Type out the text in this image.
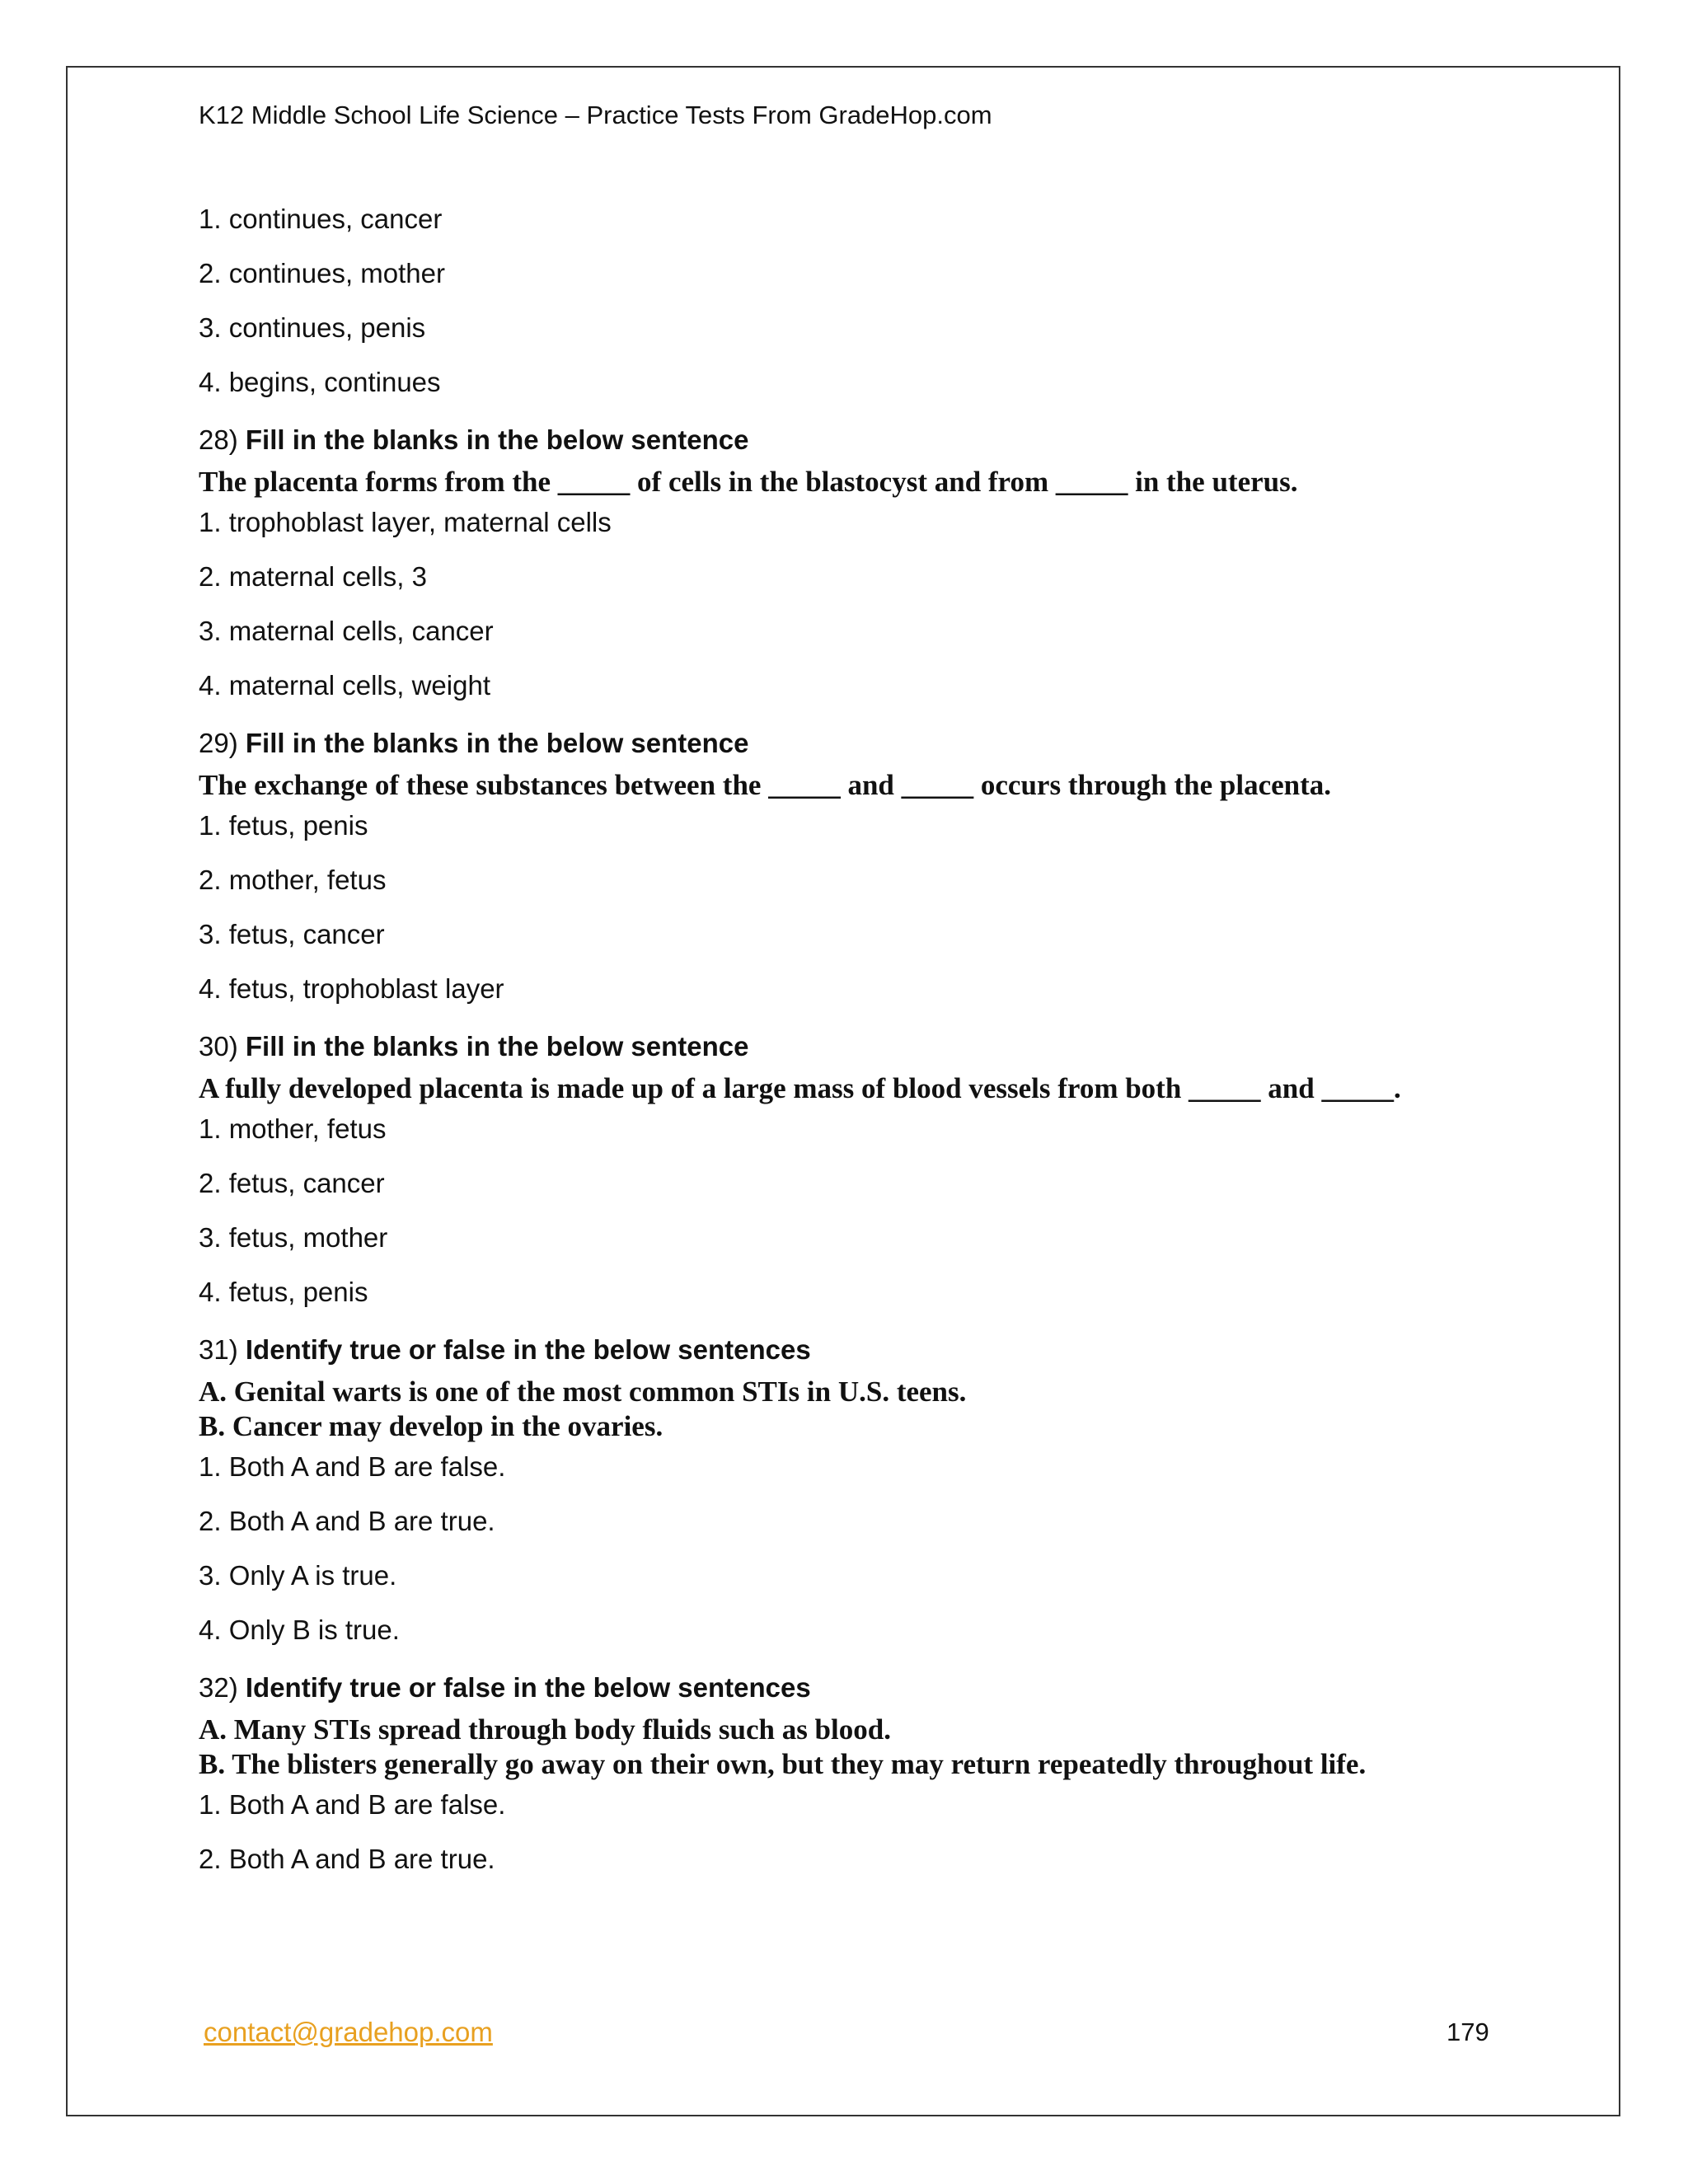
K12 Middle School Life Science – Practice Tests From GradeHop.com
1. continues, cancer
2. continues, mother
3. continues, penis
4. begins, continues
28) Fill in the blanks in the below sentence
The placenta forms from the _____ of cells in the blastocyst and from _____ in the uterus.
1. trophoblast layer, maternal cells
2. maternal cells, 3
3. maternal cells, cancer
4. maternal cells, weight
29) Fill in the blanks in the below sentence
The exchange of these substances between the _____ and _____ occurs through the placenta.
1. fetus, penis
2. mother, fetus
3. fetus, cancer
4. fetus, trophoblast layer
30) Fill in the blanks in the below sentence
A fully developed placenta is made up of a large mass of blood vessels from both _____ and _____.
1. mother, fetus
2. fetus, cancer
3. fetus, mother
4. fetus, penis
31) Identify true or false in the below sentences
A. Genital warts is one of the most common STIs in U.S. teens.
B. Cancer may develop in the ovaries.
1. Both A and B are false.
2. Both A and B are true.
3. Only A is true.
4. Only B is true.
32) Identify true or false in the below sentences
A. Many STIs spread through body fluids such as blood.
B. The blisters generally go away on their own, but they may return repeatedly throughout life.
1. Both A and B are false.
2. Both A and B are true.
contact@gradehop.com	179
